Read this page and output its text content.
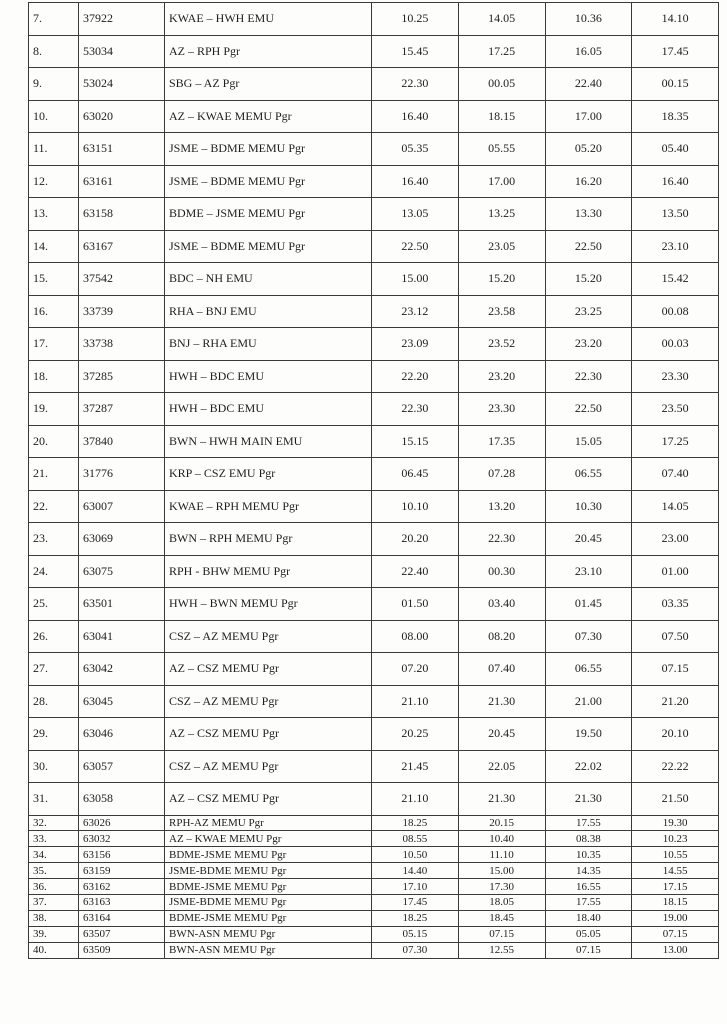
7.	37922	KWAE – HWH EMU	10.25	14.05	10.36	14.10
8.	53034	AZ – RPH Pgr	15.45	17.25	16.05	17.45
9.	53024	SBG – AZ Pgr	22.30	00.05	22.40	00.15
10.	63020	AZ – KWAE MEMU Pgr	16.40	18.15	17.00	18.35
11.	63151	JSME – BDME MEMU Pgr	05.35	05.55	05.20	05.40
12.	63161	JSME – BDME MEMU Pgr	16.40	17.00	16.20	16.40
13.	63158	BDME – JSME MEMU Pgr	13.05	13.25	13.30	13.50
14.	63167	JSME – BDME MEMU Pgr	22.50	23.05	22.50	23.10
15.	37542	BDC – NH EMU	15.00	15.20	15.20	15.42
16.	33739	RHA – BNJ EMU	23.12	23.58	23.25	00.08
17.	33738	BNJ – RHA EMU	23.09	23.52	23.20	00.03
18.	37285	HWH – BDC EMU	22.20	23.20	22.30	23.30
19.	37287	HWH – BDC EMU	22.30	23.30	22.50	23.50
20.	37840	BWN – HWH MAIN EMU	15.15	17.35	15.05	17.25
21.	31776	KRP – CSZ EMU Pgr	06.45	07.28	06.55	07.40
22.	63007	KWAE – RPH MEMU Pgr	10.10	13.20	10.30	14.05
23.	63069	BWN – RPH MEMU Pgr	20.20	22.30	20.45	23.00
24.	63075	RPH - BHW MEMU Pgr	22.40	00.30	23.10	01.00
25.	63501	HWH – BWN MEMU Pgr	01.50	03.40	01.45	03.35
26.	63041	CSZ – AZ MEMU Pgr	08.00	08.20	07.30	07.50
27.	63042	AZ – CSZ MEMU Pgr	07.20	07.40	06.55	07.15
28.	63045	CSZ – AZ MEMU Pgr	21.10	21.30	21.00	21.20
29.	63046	AZ – CSZ MEMU Pgr	20.25	20.45	19.50	20.10
30.	63057	CSZ – AZ MEMU Pgr	21.45	22.05	22.02	22.22
31.	63058	AZ – CSZ MEMU Pgr	21.10	21.30	21.30	21.50
32.	63026	RPH-AZ MEMU Pgr	18.25	20.15	17.55	19.30
33.	63032	AZ – KWAE MEMU Pgr	08.55	10.40	08.38	10.23
34.	63156	BDME-JSME MEMU Pgr	10.50	11.10	10.35	10.55
35.	63159	JSME-BDME MEMU Pgr	14.40	15.00	14.35	14.55
36.	63162	BDME-JSME MEMU Pgr	17.10	17.30	16.55	17.15
37.	63163	JSME-BDME MEMU Pgr	17.45	18.05	17.55	18.15
38.	63164	BDME-JSME MEMU Pgr	18.25	18.45	18.40	19.00
39.	63507	BWN-ASN MEMU Pgr	05.15	07.15	05.05	07.15
40.	63509	BWN-ASN MEMU Pgr	07.30	12.55	07.15	13.00
